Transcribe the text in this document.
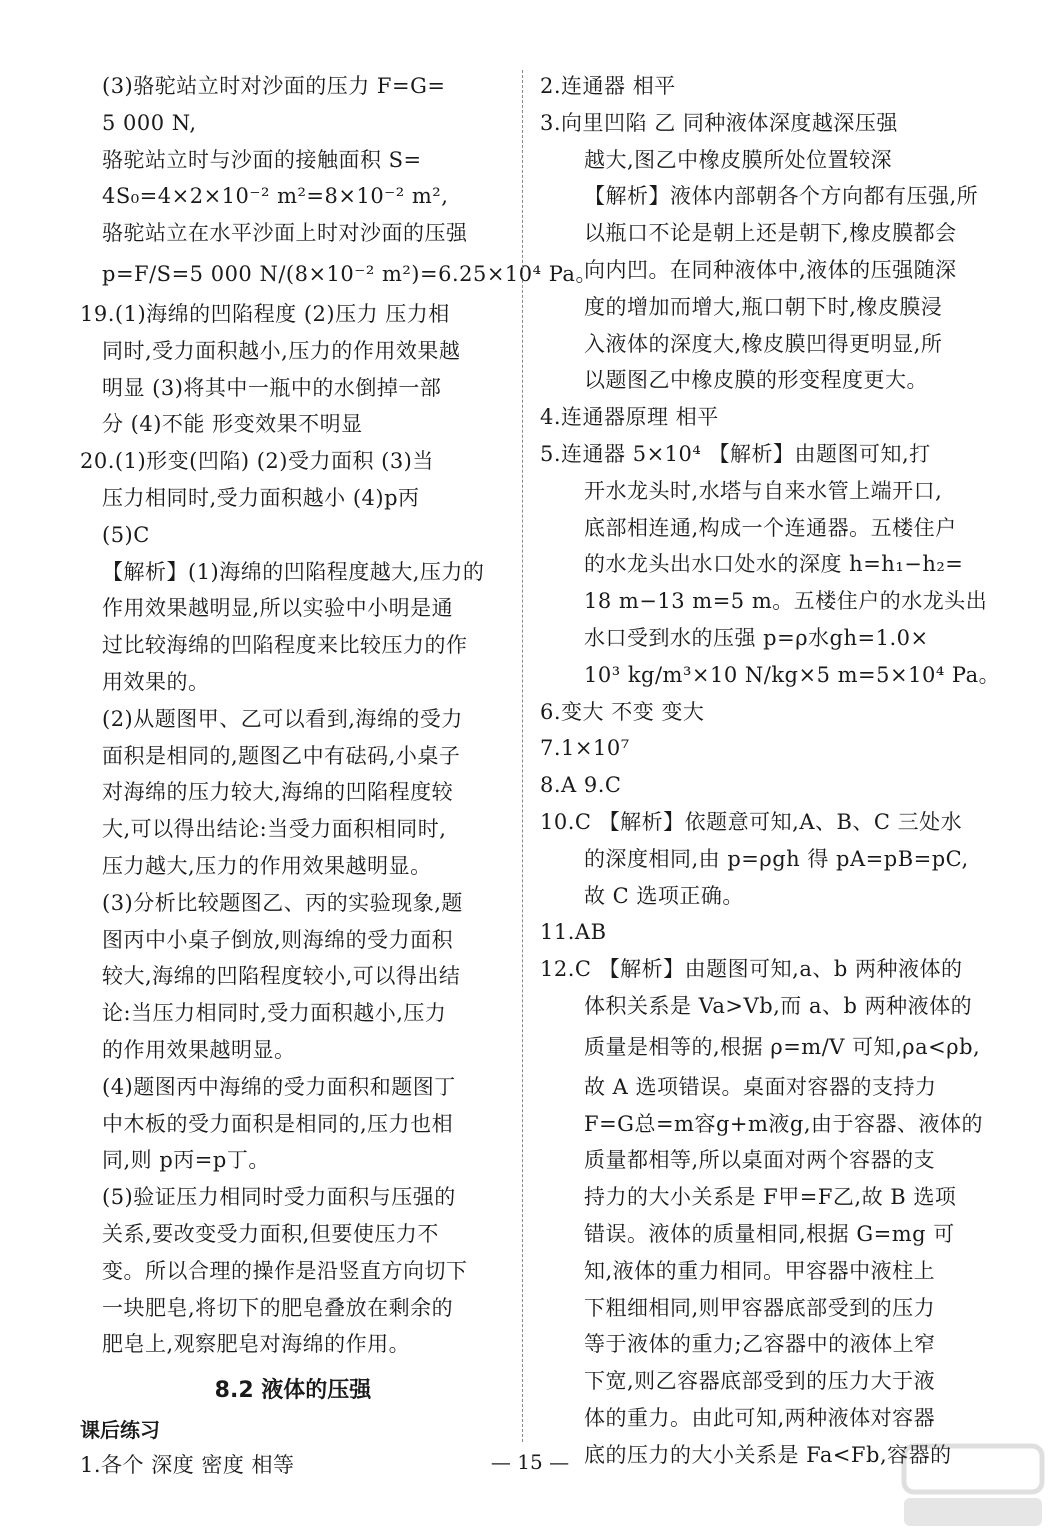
(3)骆驼站立时对沙面的压力 F=G=
5 000 N,
骆驼站立时与沙面的接触面积 S=
4S₀=4×2×10⁻² m²=8×10⁻² m²,
骆驼站立在水平沙面上时对沙面的压强
p=F/S=5 000 N/(8×10⁻² m²)=6.25×10⁴ Pa。
19.(1)海绵的凹陷程度 (2)压力 压力相
同时,受力面积越小,压力的作用效果越
明显 (3)将其中一瓶中的水倒掉一部
分 (4)不能 形变效果不明显
20.(1)形变(凹陷) (2)受力面积 (3)当
压力相同时,受力面积越小 (4)p丙
(5)C
【解析】(1)海绵的凹陷程度越大,压力的
作用效果越明显,所以实验中小明是通
过比较海绵的凹陷程度来比较压力的作
用效果的。
(2)从题图甲、乙可以看到,海绵的受力
面积是相同的,题图乙中有砝码,小桌子
对海绵的压力较大,海绵的凹陷程度较
大,可以得出结论:当受力面积相同时,
压力越大,压力的作用效果越明显。
(3)分析比较题图乙、丙的实验现象,题
图丙中小桌子倒放,则海绵的受力面积
较大,海绵的凹陷程度较小,可以得出结
论:当压力相同时,受力面积越小,压力
的作用效果越明显。
(4)题图丙中海绵的受力面积和题图丁
中木板的受力面积是相同的,压力也相
同,则 p丙=p丁。
(5)验证压力相同时受力面积与压强的
关系,要改变受力面积,但要使压力不
变。所以合理的操作是沿竖直方向切下
一块肥皂,将切下的肥皂叠放在剩余的
肥皂上,观察肥皂对海绵的作用。
8.2 液体的压强
课后练习
1.各个 深度 密度 相等
2.连通器 相平
3.向里凹陷 乙 同种液体深度越深压强
越大,图乙中橡皮膜所处位置较深
【解析】液体内部朝各个方向都有压强,所
以瓶口不论是朝上还是朝下,橡皮膜都会
向内凹。在同种液体中,液体的压强随深
度的增加而增大,瓶口朝下时,橡皮膜浸
入液体的深度大,橡皮膜凹得更明显,所
以题图乙中橡皮膜的形变程度更大。
4.连通器原理 相平
5.连通器 5×10⁴ 【解析】由题图可知,打
开水龙头时,水塔与自来水管上端开口,
底部相连通,构成一个连通器。五楼住户
的水龙头出水口处水的深度 h=h₁−h₂=
18 m−13 m=5 m。五楼住户的水龙头出
水口受到水的压强 p=ρ水gh=1.0×
10³ kg/m³×10 N/kg×5 m=5×10⁴ Pa。
6.变大 不变 变大
7.1×10⁷
8.A 9.C
10.C 【解析】依题意可知,A、B、C 三处水
的深度相同,由 p=ρgh 得 pA=pB=pC,
故 C 选项正确。
11.AB
12.C 【解析】由题图可知,a、b 两种液体的
体积关系是 Va>Vb,而 a、b 两种液体的
质量是相等的,根据 ρ=m/V 可知,ρa<ρb,
故 A 选项错误。桌面对容器的支持力
F=G总=m容g+m液g,由于容器、液体的
质量都相等,所以桌面对两个容器的支
持力的大小关系是 F甲=F乙,故 B 选项
错误。液体的质量相同,根据 G=mg 可
知,液体的重力相同。甲容器中液柱上
下粗细相同,则甲容器底部受到的压力
等于液体的重力;乙容器中的液体上窄
下宽,则乙容器底部受到的压力大于液
体的重力。由此可知,两种液体对容器
底的压力的大小关系是 Fa<Fb,容器的
— 15 —
